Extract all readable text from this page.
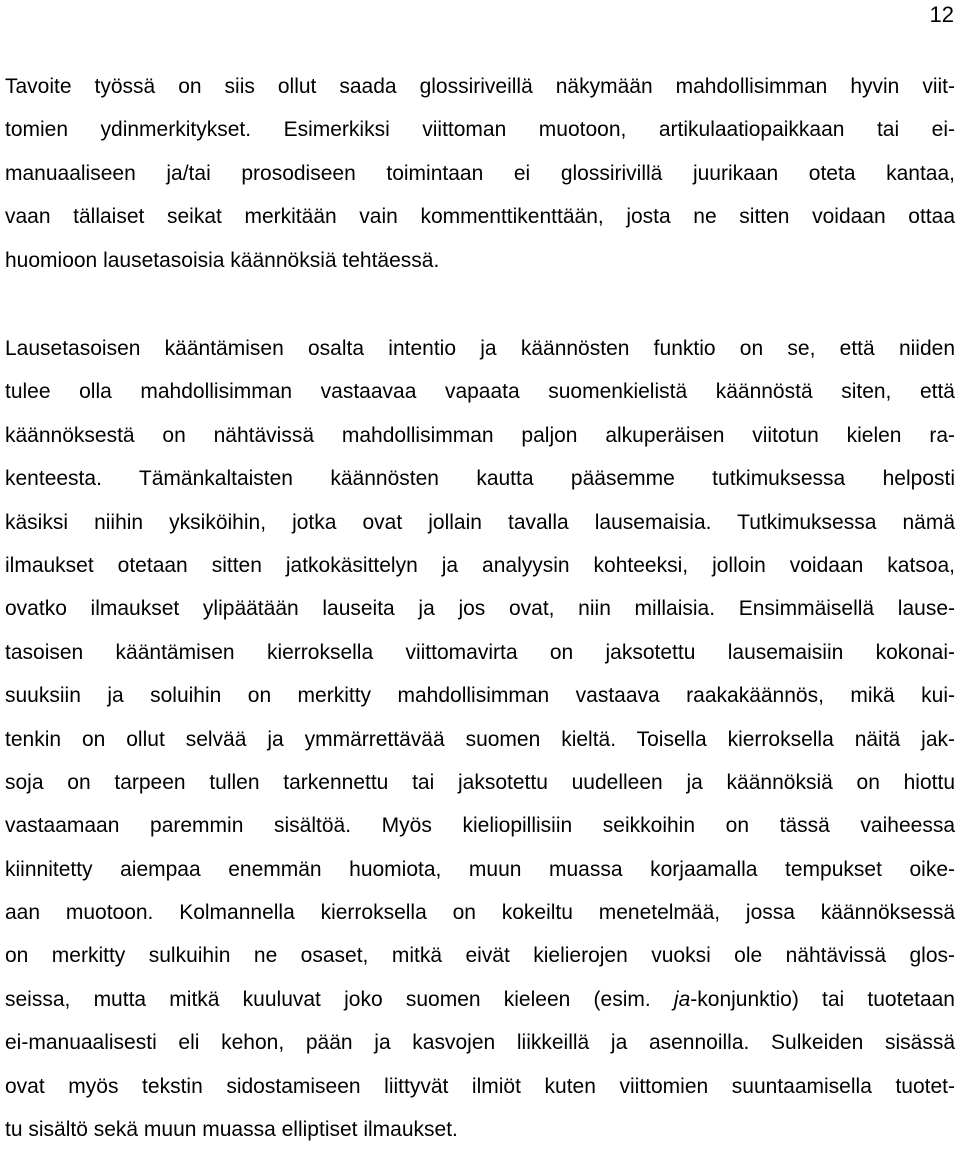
12
Tavoite työssä on siis ollut saada glossiriveillä näkymään mahdollisimman hyvin viit-
tomien ydinmerkitykset. Esimerkiksi viittoman muotoon, artikulaatiopaikkaan tai ei-
manuaaliseen ja/tai prosodiseen toimintaan ei glossirivillä juurikaan oteta kantaa,
vaan tällaiset seikat merkitään vain kommenttikenttään, josta ne sitten voidaan ottaa
huomioon lausetasoisia käännöksiä tehtäessä.
Lausetasoisen kääntämisen osalta intentio ja käännösten funktio on se, että niiden
tulee olla mahdollisimman vastaavaa vapaata suomenkielistä käännöstä siten, että
käännöksestä on nähtävissä mahdollisimman paljon alkuperäisen viitotun kielen ra-
kenteesta. Tämänkaltaisten käännösten kautta pääsemme tutkimuksessa helposti
käsiksi niihin yksiköihin, jotka ovat jollain tavalla lausemaisia. Tutkimuksessa nämä
ilmaukset otetaan sitten jatkokäsittelyn ja analyysin kohteeksi, jolloin voidaan katsoa,
ovatko ilmaukset ylipäätään lauseita ja jos ovat, niin millaisia. Ensimmäisellä lause-
tasoisen kääntämisen kierroksella viittomavirta on jaksotettu lausemaisiin kokonai-
suuksiin ja soluihin on merkitty mahdollisimman vastaava raakakäännös, mikä kui-
tenkin on ollut selvää ja ymmärrettävää suomen kieltä. Toisella kierroksella näitä jak-
soja on tarpeen tullen tarkennettu tai jaksotettu uudelleen ja käännöksiä on hiottu
vastaamaan paremmin sisältöä. Myös kieliopillisiin seikkoihin on tässä vaiheessa
kiinnitetty aiempaa enemmän huomiota, muun muassa korjaamalla tempukset oike-
aan muotoon. Kolmannella kierroksella on kokeiltu menetelmää, jossa käännöksessä
on merkitty sulkuihin ne osaset, mitkä eivät kielierojen vuoksi ole nähtävissä glos-
seissa, mutta mitkä kuuluvat joko suomen kieleen (esim. ja-konjunktio) tai tuotetaan
ei-manuaalisesti eli kehon, pään ja kasvojen liikkeillä ja asennoilla. Sulkeiden sisässä
ovat myös tekstin sidostamiseen liittyvät ilmiöt kuten viittomien suuntaamisella tuotet-
tu sisältö sekä muun muassa elliptiset ilmaukset.
